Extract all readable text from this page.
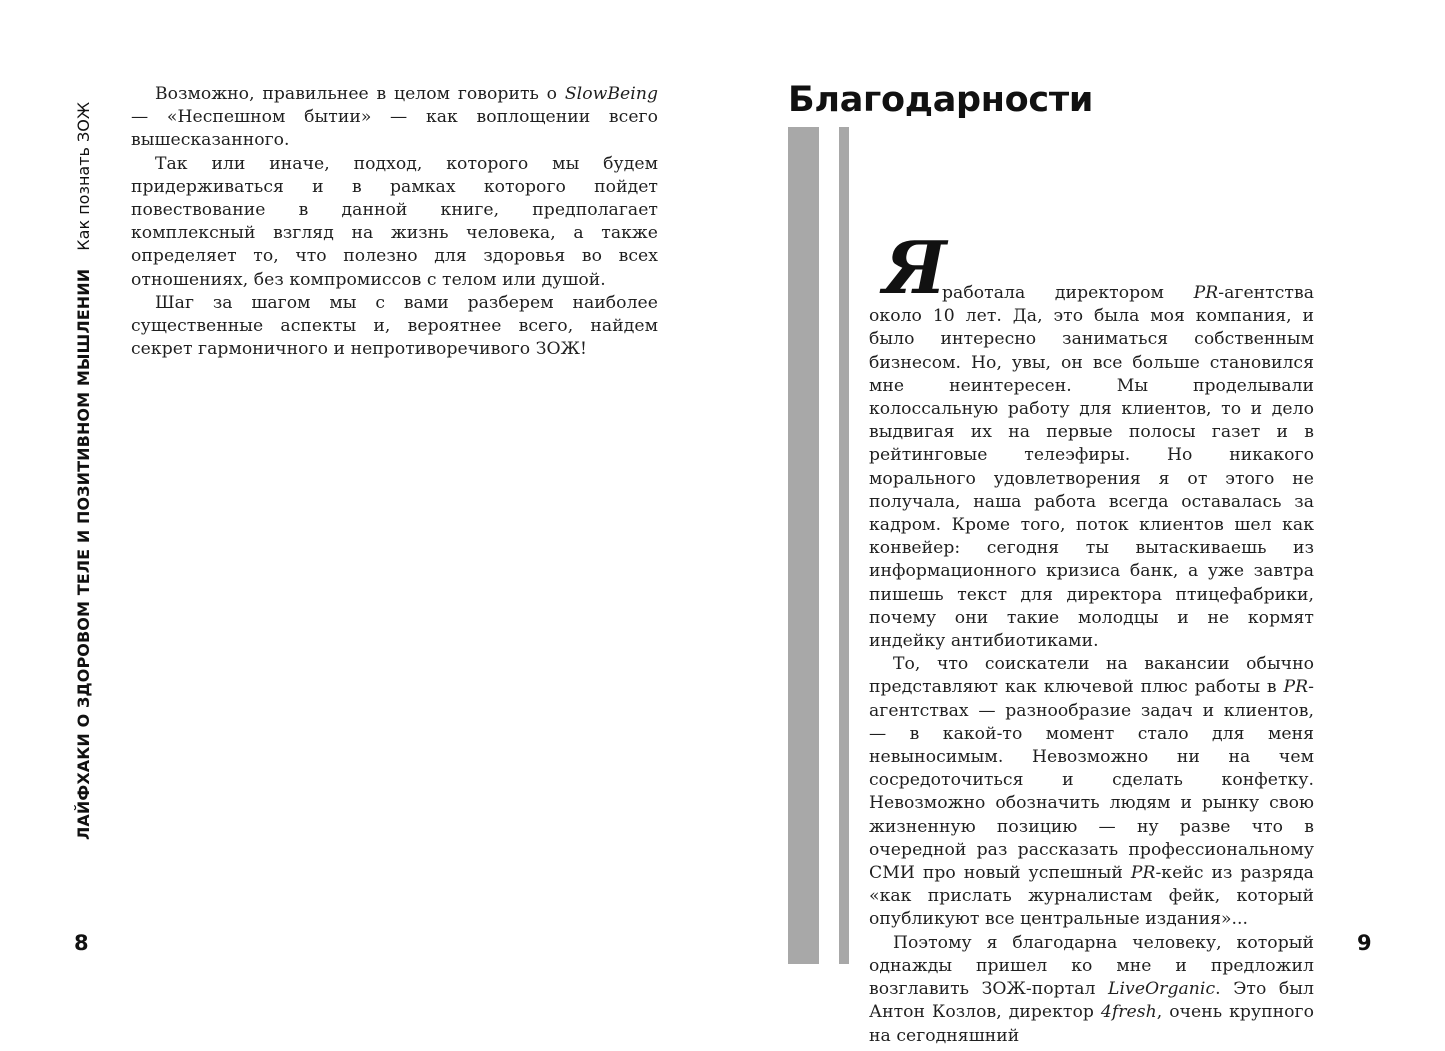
ЛАЙФХАКИ О ЗДОРОВОМ ТЕЛЕ И ПОЗИТИВНОМ МЫШЛЕНИИ
Как познать ЗОЖ

Возможно, правильнее в целом говорить о SlowBeing — «Неспешном бытии» — как воплощении всего вышесказанного.

Так или иначе, подход, которого мы будем придерживаться и в рамках которого пойдет повествование в данной книге, предполагает комплексный взгляд на жизнь человека, а также определяет то, что полезно для здоровья во всех отношениях, без компромиссов с телом или душой.

Шаг за шагом мы с вами разберем наиболее существенные аспекты и, вероятнее всего, найдем секрет гармоничного и непротиворечивого ЗОЖ!

8
Благодарности
Я

работала директором PR-агентства около 10 лет. Да, это была моя компания, и было интересно заниматься собственным бизнесом. Но, увы, он все больше становился мне неинтересен. Мы проделывали колоссальную работу для клиентов, то и дело выдвигая их на первые полосы газет и в рейтинговые телеэфиры. Но никакого морального удовлетворения я от этого не получала, наша работа всегда оставалась за кадром. Кроме того, поток клиентов шел как конвейер: сегодня ты вытаскиваешь из информационного кризиса банк, а уже завтра пишешь текст для директора птицефабрики, почему они такие молодцы и не кормят индейку антибиотиками.

То, что соискатели на вакансии обычно представляют как ключевой плюс работы в PR-агентствах — разнообразие задач и клиентов, — в какой-то момент стало для меня невыносимым. Невозможно ни на чем сосредоточиться и сделать конфетку. Невозможно обозначить людям и рынку свою жизненную позицию — ну разве что в очередной раз рассказать профессиональному СМИ про новый успешный PR-кейс из разряда «как прислать журналистам фейк, который опубликуют все центральные издания»...

Поэтому я благодарна человеку, который однажды пришел ко мне и предложил возглавить ЗОЖ-портал LiveOrganic. Это был Антон Козлов, директор 4fresh, очень крупного на сегодняшний

9
